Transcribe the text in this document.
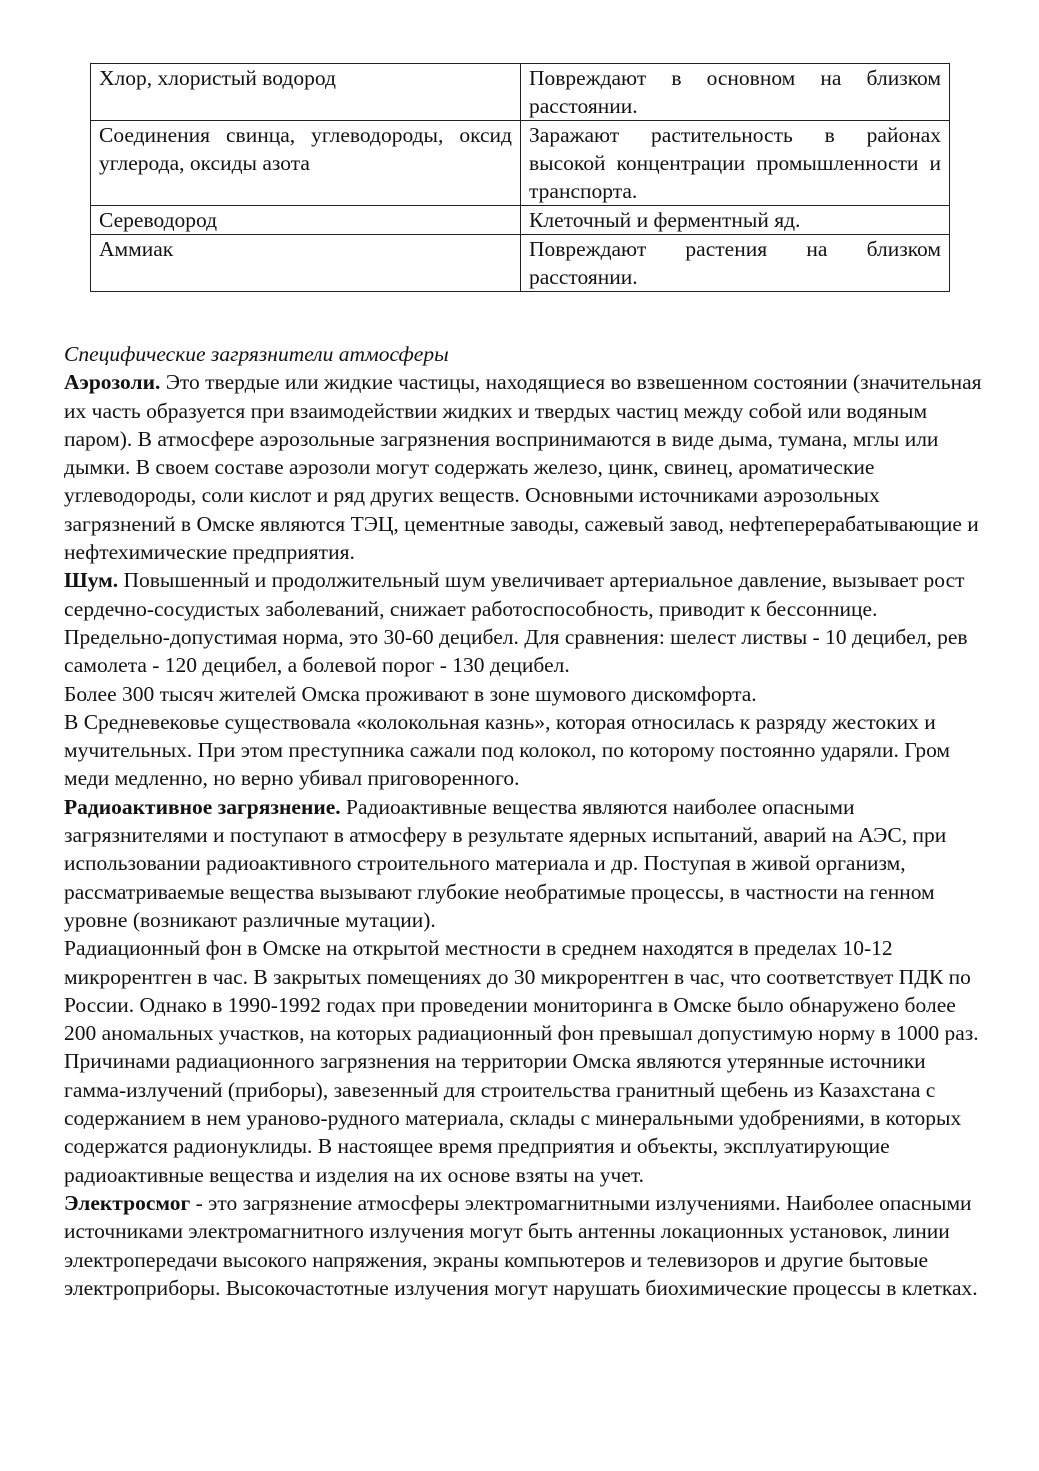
Хлор, хлористый водород	Повреждают в основном на близком расстоянии.
Соединения свинца, углеводороды, оксид углерода, оксиды азота	Заражают растительность в районах высокой концентрации промышленности и транспорта.
Сереводород	Клеточный и ферментный яд.
Аммиак	Повреждают растения на близком расстоянии.

Специфические загрязнители атмосферы

Аэрозоли. Это твердые или жидкие частицы, находящиеся во взвешенном состоянии (значительная их часть образуется при взаимодействии жидких и твердых частиц между собой или водяным паром). В атмосфере аэрозольные загрязнения воспринимаются в виде дыма, тумана, мглы или дымки. В своем составе аэрозоли могут содержать железо, цинк, свинец, ароматические углеводороды, соли кислот и ряд других веществ. Основными источниками аэрозольных загрязнений в Омске являются ТЭЦ, цементные заводы, сажевый завод, нефтеперерабатывающие и нефтехимические предприятия.

Шум. Повышенный и продолжительный шум увеличивает артериальное давление, вызывает рост сердечно-сосудистых заболеваний, снижает работоспособность, приводит к бессоннице. Предельно-допустимая норма, это 30-60 децибел. Для сравнения: шелест листвы - 10 децибел, рев самолета - 120 децибел, а болевой порог - 130 децибел.

Более 300 тысяч жителей Омска проживают в зоне шумового дискомфорта.

В Средневековье существовала «колокольная казнь», которая относилась к разряду жестоких и мучительных. При этом преступника сажали под колокол, по которому постоянно ударяли. Гром меди медленно, но верно убивал приговоренного.

Радиоактивное загрязнение. Радиоактивные вещества являются наиболее опасными загрязнителями и поступают в атмосферу в результате ядерных испытаний, аварий на АЭС, при использовании радиоактивного строительного материала и др. Поступая в живой организм, рассматриваемые вещества вызывают глубокие необратимые процессы, в частности на генном уровне (возникают различные мутации).

Радиационный фон в Омске на открытой местности в среднем находятся в пределах 10-12 микрорентген в час. В закрытых помещениях до 30 микрорентген в час, что соответствует ПДК по России. Однако в 1990-1992 годах при проведении мониторинга в Омске было обнаружено более 200 аномальных участков, на которых радиационный фон превышал допустимую норму в 1000 раз. Причинами радиационного загрязнения на территории Омска являются утерянные источники гамма-излучений (приборы), завезенный для строительства гранитный щебень из Казахстана с содержанием в нем ураново-рудного материала, склады с минеральными удобрениями, в которых содержатся радионуклиды. В настоящее время предприятия и объекты, эксплуатирующие радиоактивные вещества и изделия на их основе взяты на учет.

Электросмог - это загрязнение атмосферы электромагнитными излучениями. Наиболее опасными источниками электромагнитного излучения могут быть антенны локационных установок, линии электропередачи высокого напряжения, экраны компьютеров и телевизоров и другие бытовые электроприборы. Высокочастотные излучения могут нарушать биохимические процессы в клетках.
